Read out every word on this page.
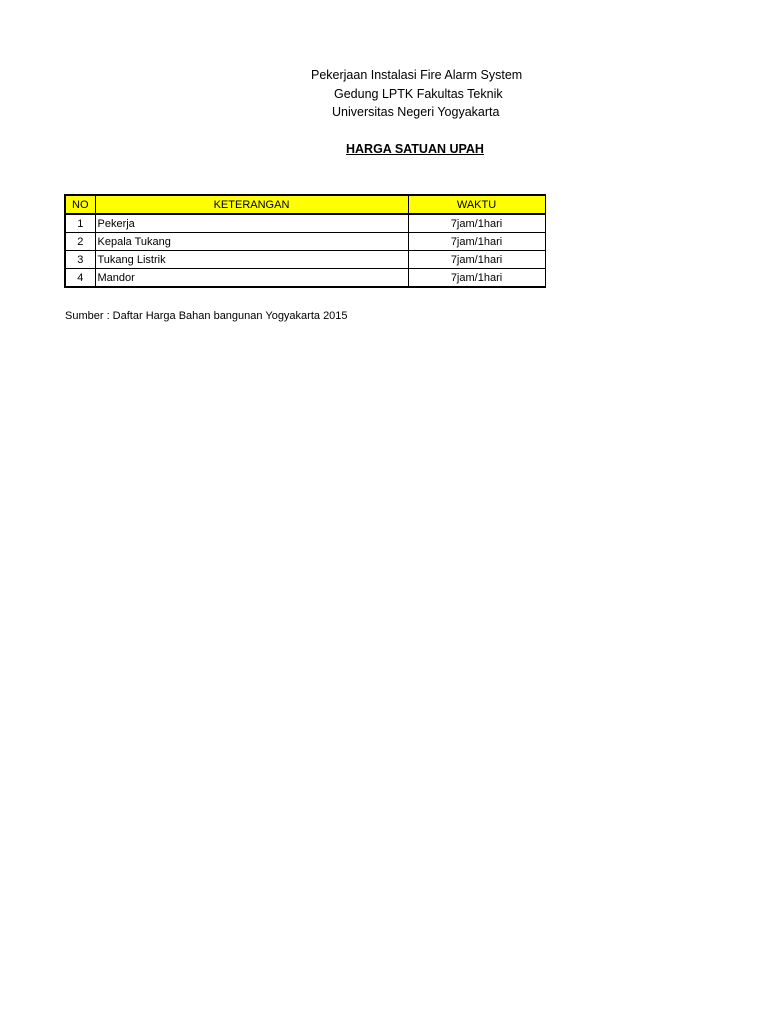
Pekerjaan Instalasi Fire Alarm System
Gedung LPTK Fakultas Teknik
Universitas Negeri Yogyakarta
HARGA SATUAN UPAH
NO	KETERANGAN	WAKTU
1	Pekerja	7jam/1hari
2	Kepala Tukang	7jam/1hari
3	Tukang Listrik	7jam/1hari
4	Mandor	7jam/1hari
Sumber : Daftar Harga Bahan bangunan Yogyakarta 2015
